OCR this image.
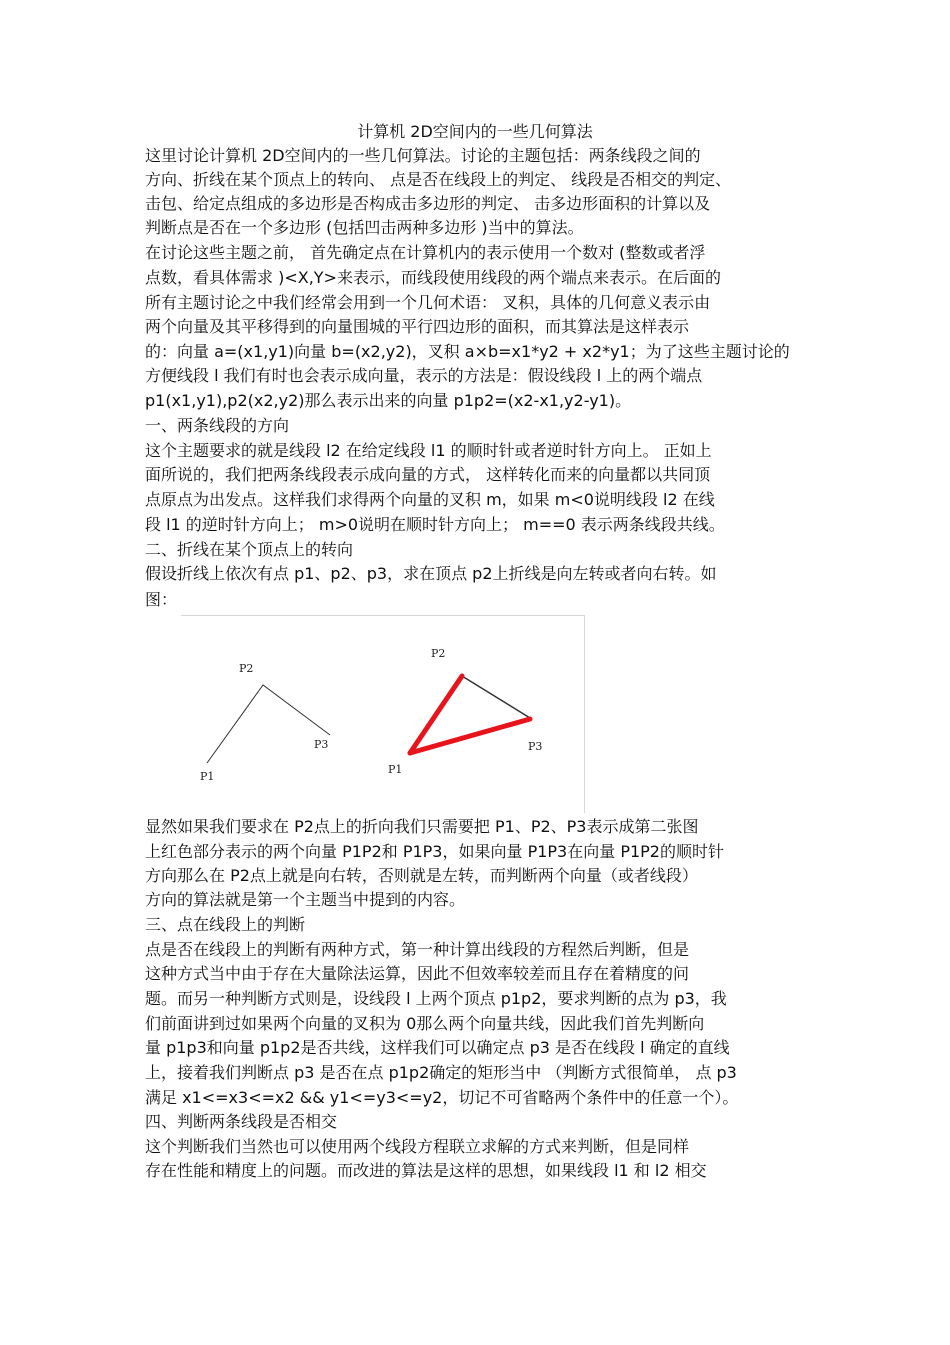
计算机 2D空间内的一些几何算法
这里讨论计算机 2D空间内的一些几何算法。讨论的主题包括：两条线段之间的
方向、折线在某个顶点上的转向、 点是否在线段上的判定、 线段是否相交的判定、
击包、给定点组成的多边形是否构成击多边形的判定、 击多边形面积的计算以及
判断点是否在一个多边形 (包括凹击两种多边形 )当中的算法。
在讨论这些主题之前， 首先确定点在计算机内的表示使用一个数对 (整数或者浮
点数，看具体需求 )<X,Y>来表示，而线段使用线段的两个端点来表示。在后面的
所有主题讨论之中我们经常会用到一个几何术语： 叉积，具体的几何意义表示由
两个向量及其平移得到的向量围城的平行四边形的面积，而其算法是这样表示
的：向量 a=(x1,y1)向量 b=(x2,y2)，叉积 a×b=x1*y2 + x2*y1；为了这些主题讨论的
方便线段 l 我们有时也会表示成向量，表示的方法是：假设线段 l 上的两个端点
p1(x1,y1),p2(x2,y2)那么表示出来的向量 p1p2=(x2-x1,y2-y1)。
一、两条线段的方向
这个主题要求的就是线段 l2 在给定线段 l1 的顺时针或者逆时针方向上。 正如上
面所说的，我们把两条线段表示成向量的方式， 这样转化而来的向量都以共同顶
点原点为出发点。这样我们求得两个向量的叉积 m，如果 m<0说明线段 l2 在线
段 l1 的逆时针方向上； m>0说明在顺时针方向上； m==0 表示两条线段共线。
二、折线在某个顶点上的转向
假设折线上依次有点 p1、p2、p3，求在顶点 p2上折线是向左转或者向右转。如
图：
显然如果我们要求在 P2点上的折向我们只需要把 P1、P2、P3表示成第二张图
上红色部分表示的两个向量 P1P2和 P1P3，如果向量 P1P3在向量 P1P2的顺时针
方向那么在 P2点上就是向右转，否则就是左转，而判断两个向量（或者线段）
方向的算法就是第一个主题当中提到的内容。
三、点在线段上的判断
点是否在线段上的判断有两种方式，第一种计算出线段的方程然后判断，但是
这种方式当中由于存在大量除法运算，因此不但效率较差而且存在着精度的问
题。而另一种判断方式则是，设线段 l 上两个顶点 p1p2，要求判断的点为 p3，我
们前面讲到过如果两个向量的叉积为 0那么两个向量共线，因此我们首先判断向
量 p1p3和向量 p1p2是否共线，这样我们可以确定点 p3 是否在线段 l 确定的直线
上，接着我们判断点 p3 是否在点 p1p2确定的矩形当中 （判断方式很简单， 点 p3
满足 x1<=x3<=x2 && y1<=y3<=y2，切记不可省略两个条件中的任意一个）。
四、判断两条线段是否相交
这个判断我们当然也可以使用两个线段方程联立求解的方式来判断，但是同样
存在性能和精度上的问题。而改进的算法是这样的思想，如果线段 l1 和 l2 相交
P2
P3
P1
P2
P3
P1
